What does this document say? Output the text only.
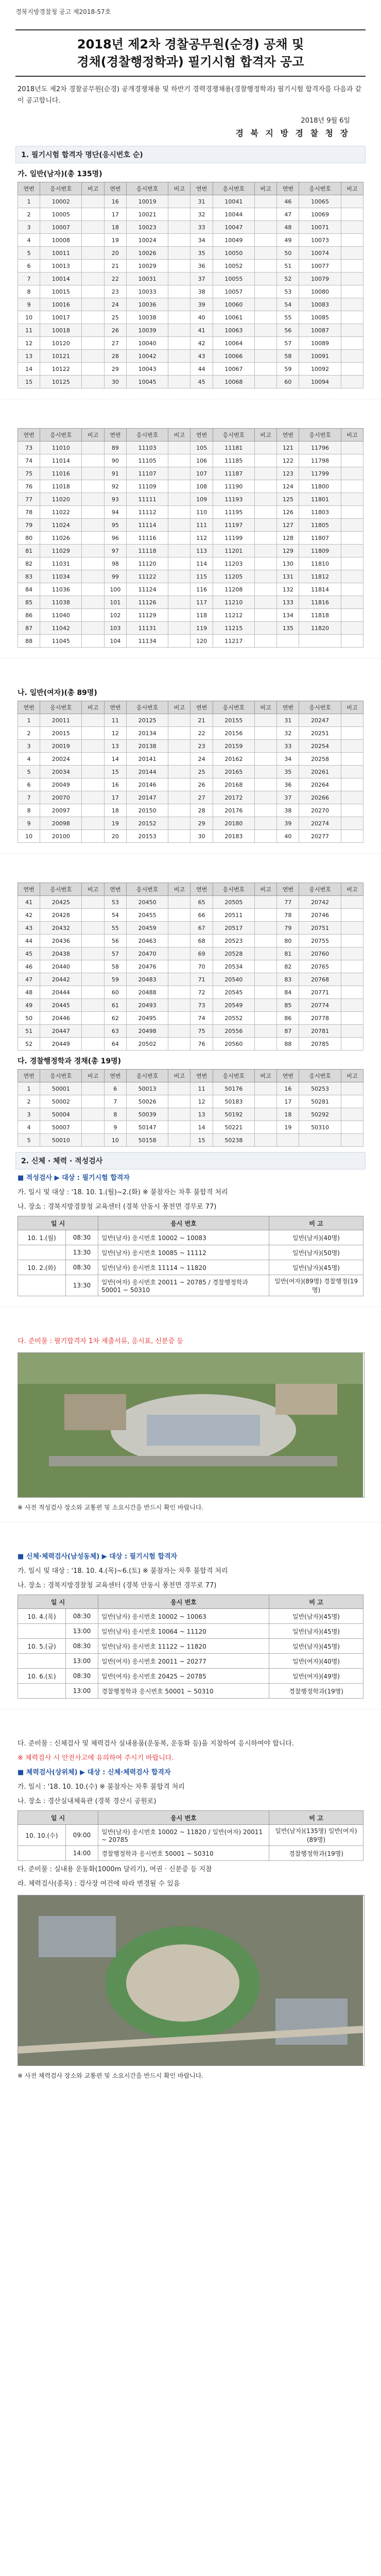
경북지방경찰청 공고 제2018-57호
2018년 제2차 경찰공무원(순경) 공채 및
경채(경찰행정학과) 필기시험 합격자 공고
2018년도 제2차 경찰공무원(순경) 공개경쟁채용 및 하반기 경력경쟁채용(경찰행정학과) 필기시험 합격자를 다음과 같이 공고합니다.
2018년 9월 6일
경 북 지 방 경 찰 청 장
1. 필기시험 합격자 명단(응시번호 순)
가. 일반(남자)(총 135명)
연번	응시번호	비고	연번	응시번호	비고	연번	응시번호	비고	연번	응시번호	비고
1	10002		16	10019		31	10041		46	10065	
2	10005		17	10021		32	10044		47	10069	
3	10007		18	10023		33	10047		48	10071	
4	10008		19	10024		34	10049		49	10073	
5	10011		20	10026		35	10050		50	10074	
6	10013		21	10029		36	10052		51	10077	
7	10014		22	10031		37	10055		52	10079	
8	10015		23	10033		38	10057		53	10080	
9	10016		24	10036		39	10060		54	10083	
10	10017		25	10038		40	10061		55	10085	
11	10018		26	10039		41	10063		56	10087	
12	10120		27	10040		42	10064		57	10089	
13	10121		28	10042		43	10066		58	10091	
14	10122		29	10043		44	10067		59	10092	
15	10125		30	10045		45	10068		60	10094	
연번	응시번호	비고	연번	응시번호	비고	연번	응시번호	비고	연번	응시번호	비고
73	11010		89	11103		105	11181		121	11796	
74	11014		90	11105		106	11185		122	11798	
75	11016		91	11107		107	11187		123	11799	
76	11018		92	11109		108	11190		124	11800	
77	11020		93	11111		109	11193		125	11801	
78	11022		94	11112		110	11195		126	11803	
79	11024		95	11114		111	11197		127	11805	
80	11026		96	11116		112	11199		128	11807	
81	11029		97	11118		113	11201		129	11809	
82	11031		98	11120		114	11203		130	11810	
83	11034		99	11122		115	11205		131	11812	
84	11036		100	11124		116	11208		132	11814	
85	11038		101	11126		117	11210		133	11816	
86	11040		102	11129		118	11212		134	11818	
87	11042		103	11131		119	11215		135	11820	
88	11045		104	11134		120	11217				
나. 일반(여자)(총 89명)
연번	응시번호	비고	연번	응시번호	비고	연번	응시번호	비고	연번	응시번호	비고
1	20011		11	20125		21	20155		31	20247	
2	20015		12	20134		22	20156		32	20251	
3	20019		13	20138		23	20159		33	20254	
4	20024		14	20141		24	20162		34	20258	
5	20034		15	20144		25	20165		35	20261	
6	20049		16	20146		26	20168		36	20264	
7	20070		17	20147		27	20172		37	20266	
8	20097		18	20150		28	20176		38	20270	
9	20098		19	20152		29	20180		39	20274	
10	20100		20	20153		30	20183		40	20277	
연번	응시번호	비고	연번	응시번호	비고	연번	응시번호	비고	연번	응시번호	비고
41	20425		53	20450		65	20505		77	20742	
42	20428		54	20455		66	20511		78	20746	
43	20432		55	20459		67	20517		79	20751	
44	20436		56	20463		68	20523		80	20755	
45	20438		57	20470		69	20528		81	20760	
46	20440		58	20476		70	20534		82	20765	
47	20442		59	20483		71	20540		83	20768	
48	20444		60	20488		72	20545		84	20771	
49	20445		61	20493		73	20549		85	20774	
50	20446		62	20495		74	20552		86	20778	
51	20447		63	20498		75	20556		87	20781	
52	20449		64	20502		76	20560		88	20785	
다. 경찰행정학과 경채(총 19명)
연번	응시번호	비고	연번	응시번호	비고	연번	응시번호	비고	연번	응시번호	비고
1	50001		6	50013		11	50176		16	50253	
2	50002		7	50026		12	50183		17	50281	
3	50004		8	50039		13	50192		18	50292	
4	50007		9	50147		14	50221		19	50310	
5	50010		10	50158		15	50238				
2. 신체 · 체력 · 적성검사
■ 적성검사 ▶ 대상 : 필기시험 합격자
가. 일시 및 대상 : '18. 10. 1.(월)~2.(화) ※ 불참자는 차후 불합격 처리
나. 장소 : 경북지방경찰청 교육센터 (경북 안동시 풍천면 경무로 77)
일 시		응시 번호	비 고
10. 1.(월)	08:30	일반(남자) 응시번호 10002 ~ 10083	일반(남자)(40명)
	13:30	일반(남자) 응시번호 10085 ~ 11112	일반(남자)(50명)
10. 2.(화)	08:30	일반(남자) 응시번호 11114 ~ 11820	일반(남자)(45명)
	13:30	일반(여자) 응시번호 20011 ~ 20785 / 경찰행정학과 50001 ~ 50310	일반(여자)(89명) 경찰행정(19명)
다. 준비물 : 필기합격자 1차 제출서류, 응시표, 신분증 등
※ 사전 적성검사 장소와 교통편 및 소요시간을 반드시 확인 바랍니다.
■ 신체·체력검사(남성동체) ▶ 대상 : 필기시험 합격자
가. 일시 및 대상 : '18. 10. 4.(목)~6.(토) ※ 불참자는 차후 불합격 처리
나. 장소 : 경북지방경찰청 교육센터 (경북 안동시 풍천면 경무로 77)
일 시		응시 번호	비 고
10. 4.(목)	08:30	일반(남자) 응시번호 10002 ~ 10063	일반(남자)(45명)
	13:00	일반(남자) 응시번호 10064 ~ 11120	일반(남자)(45명)
10. 5.(금)	08:30	일반(남자) 응시번호 11122 ~ 11820	일반(남자)(45명)
	13:00	일반(여자) 응시번호 20011 ~ 20277	일반(여자)(40명)
10. 6.(토)	08:30	일반(여자) 응시번호 20425 ~ 20785	일반(여자)(49명)
	13:00	경찰행정학과 응시번호 50001 ~ 50310	경찰행정학과(19명)
다. 준비물 : 신체검사 및 체력검사 실내용품(운동복, 운동화 등)을 지참하여 응시하여야 합니다.
※ 체력검사 시 안전사고에 유의하여 주시기 바랍니다.
■ 체력검사(상위체) ▶ 대상 : 신체·체력검사 합격자
가. 일시 : '18. 10. 10.(수) ※ 불참자는 차후 불합격 처리
나. 장소 : 경산실내체육관 (경북 경산시 공원로)
일 시		응시 번호	비 고
10. 10.(수)	09:00	일반(남자) 응시번호 10002 ~ 11820 / 일반(여자) 20011 ~ 20785	일반(남자)(135명) 일반(여자)(89명)
	14:00	경찰행정학과 응시번호 50001 ~ 50310	경찰행정학과(19명)
다. 준비물 : 실내용 운동화(1000m 달리기), 여권 · 신분증 등 지참
라. 체력검사(종목) : 검사장 여건에 따라 변경될 수 있음
※ 사전 체력검사 장소와 교통편 및 소요시간을 반드시 확인 바랍니다.
